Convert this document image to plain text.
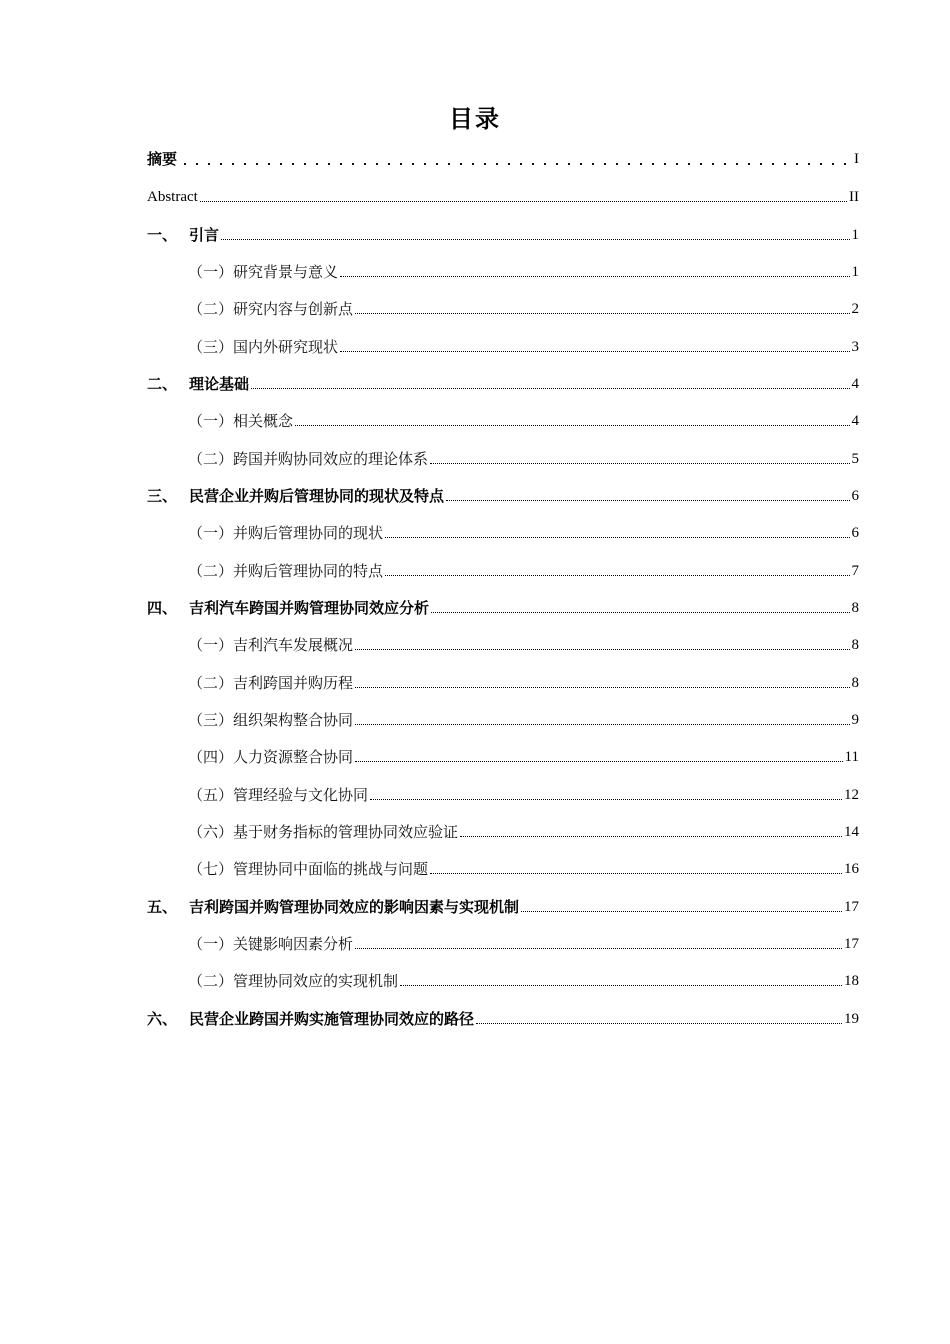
目录
摘要	I
Abstract	II
一、 引言	1
（一）研究背景与意义	1
（二）研究内容与创新点	2
（三）国内外研究现状	3
二、 理论基础	4
（一）相关概念	4
（二）跨国并购协同效应的理论体系	5
三、 民营企业并购后管理协同的现状及特点	6
（一）并购后管理协同的现状	6
（二）并购后管理协同的特点	7
四、 吉利汽车跨国并购管理协同效应分析	8
（一）吉利汽车发展概况	8
（二）吉利跨国并购历程	8
（三）组织架构整合协同	9
（四）人力资源整合协同	11
（五）管理经验与文化协同	12
（六）基于财务指标的管理协同效应验证	14
（七）管理协同中面临的挑战与问题	16
五、 吉利跨国并购管理协同效应的影响因素与实现机制	17
（一）关键影响因素分析	17
（二）管理协同效应的实现机制	18
六、 民营企业跨国并购实施管理协同效应的路径	19
